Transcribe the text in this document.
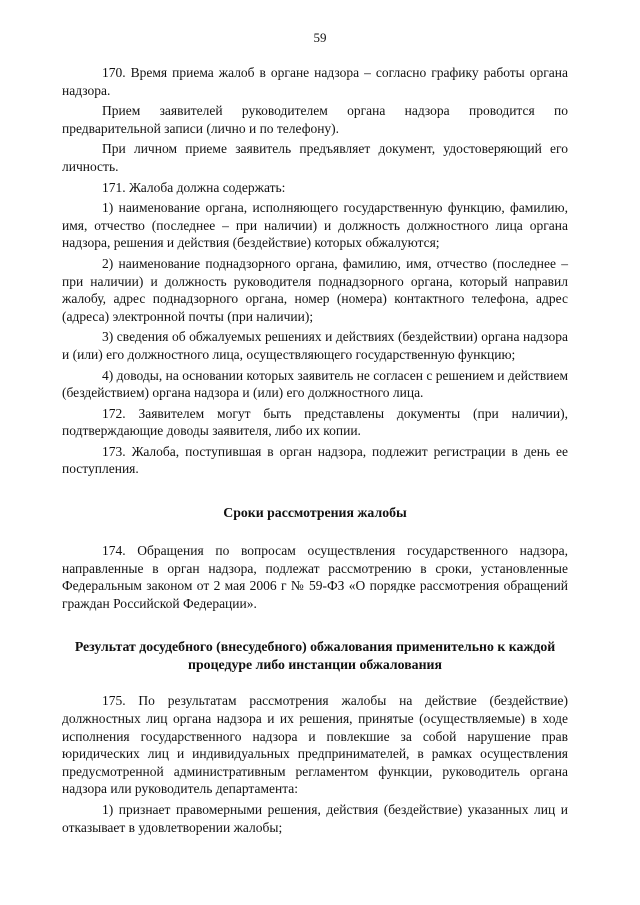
59

170. Время приема жалоб в органе надзора – согласно графику работы органа надзора.

Прием заявителей руководителем органа надзора проводится по предварительной записи (лично и по телефону).

При личном приеме заявитель предъявляет документ, удостоверяющий его личность.

171. Жалоба должна содержать:

1) наименование органа, исполняющего государственную функцию, фамилию, имя, отчество (последнее – при наличии) и должность должностного лица органа надзора, решения и действия (бездействие) которых обжалуются;

2) наименование поднадзорного органа, фамилию, имя, отчество (последнее – при наличии) и должность руководителя поднадзорного органа, который направил жалобу, адрес поднадзорного органа, номер (номера) контактного телефона, адрес (адреса) электронной почты (при наличии);

3) сведения об обжалуемых решениях и действиях (бездействии) органа надзора и (или) его должностного лица, осуществляющего государственную функцию;

4) доводы, на основании которых заявитель не согласен с решением и действием (бездействием) органа надзора и (или) его должностного лица.

172. Заявителем могут быть представлены документы (при наличии), подтверждающие доводы заявителя, либо их копии.

173. Жалоба, поступившая в орган надзора, подлежит регистрации в день ее поступления.

Сроки рассмотрения жалобы

174. Обращения по вопросам осуществления государственного надзора, направленные в орган надзора, подлежат рассмотрению в сроки, установленные Федеральным законом от 2 мая 2006 г № 59-ФЗ «О порядке рассмотрения обращений граждан Российской Федерации».

Результат досудебного (внесудебного) обжалования применительно к каждой процедуре либо инстанции обжалования

175. По результатам рассмотрения жалобы на действие (бездействие) должностных лиц органа надзора и их решения, принятые (осуществляемые) в ходе исполнения государственного надзора и повлекшие за собой нарушение прав юридических лиц и индивидуальных предпринимателей, в рамках осуществления предусмотренной административным регламентом функции, руководитель органа надзора или руководитель департамента:

1) признает правомерными решения, действия (бездействие) указанных лиц и отказывает в удовлетворении жалобы;
